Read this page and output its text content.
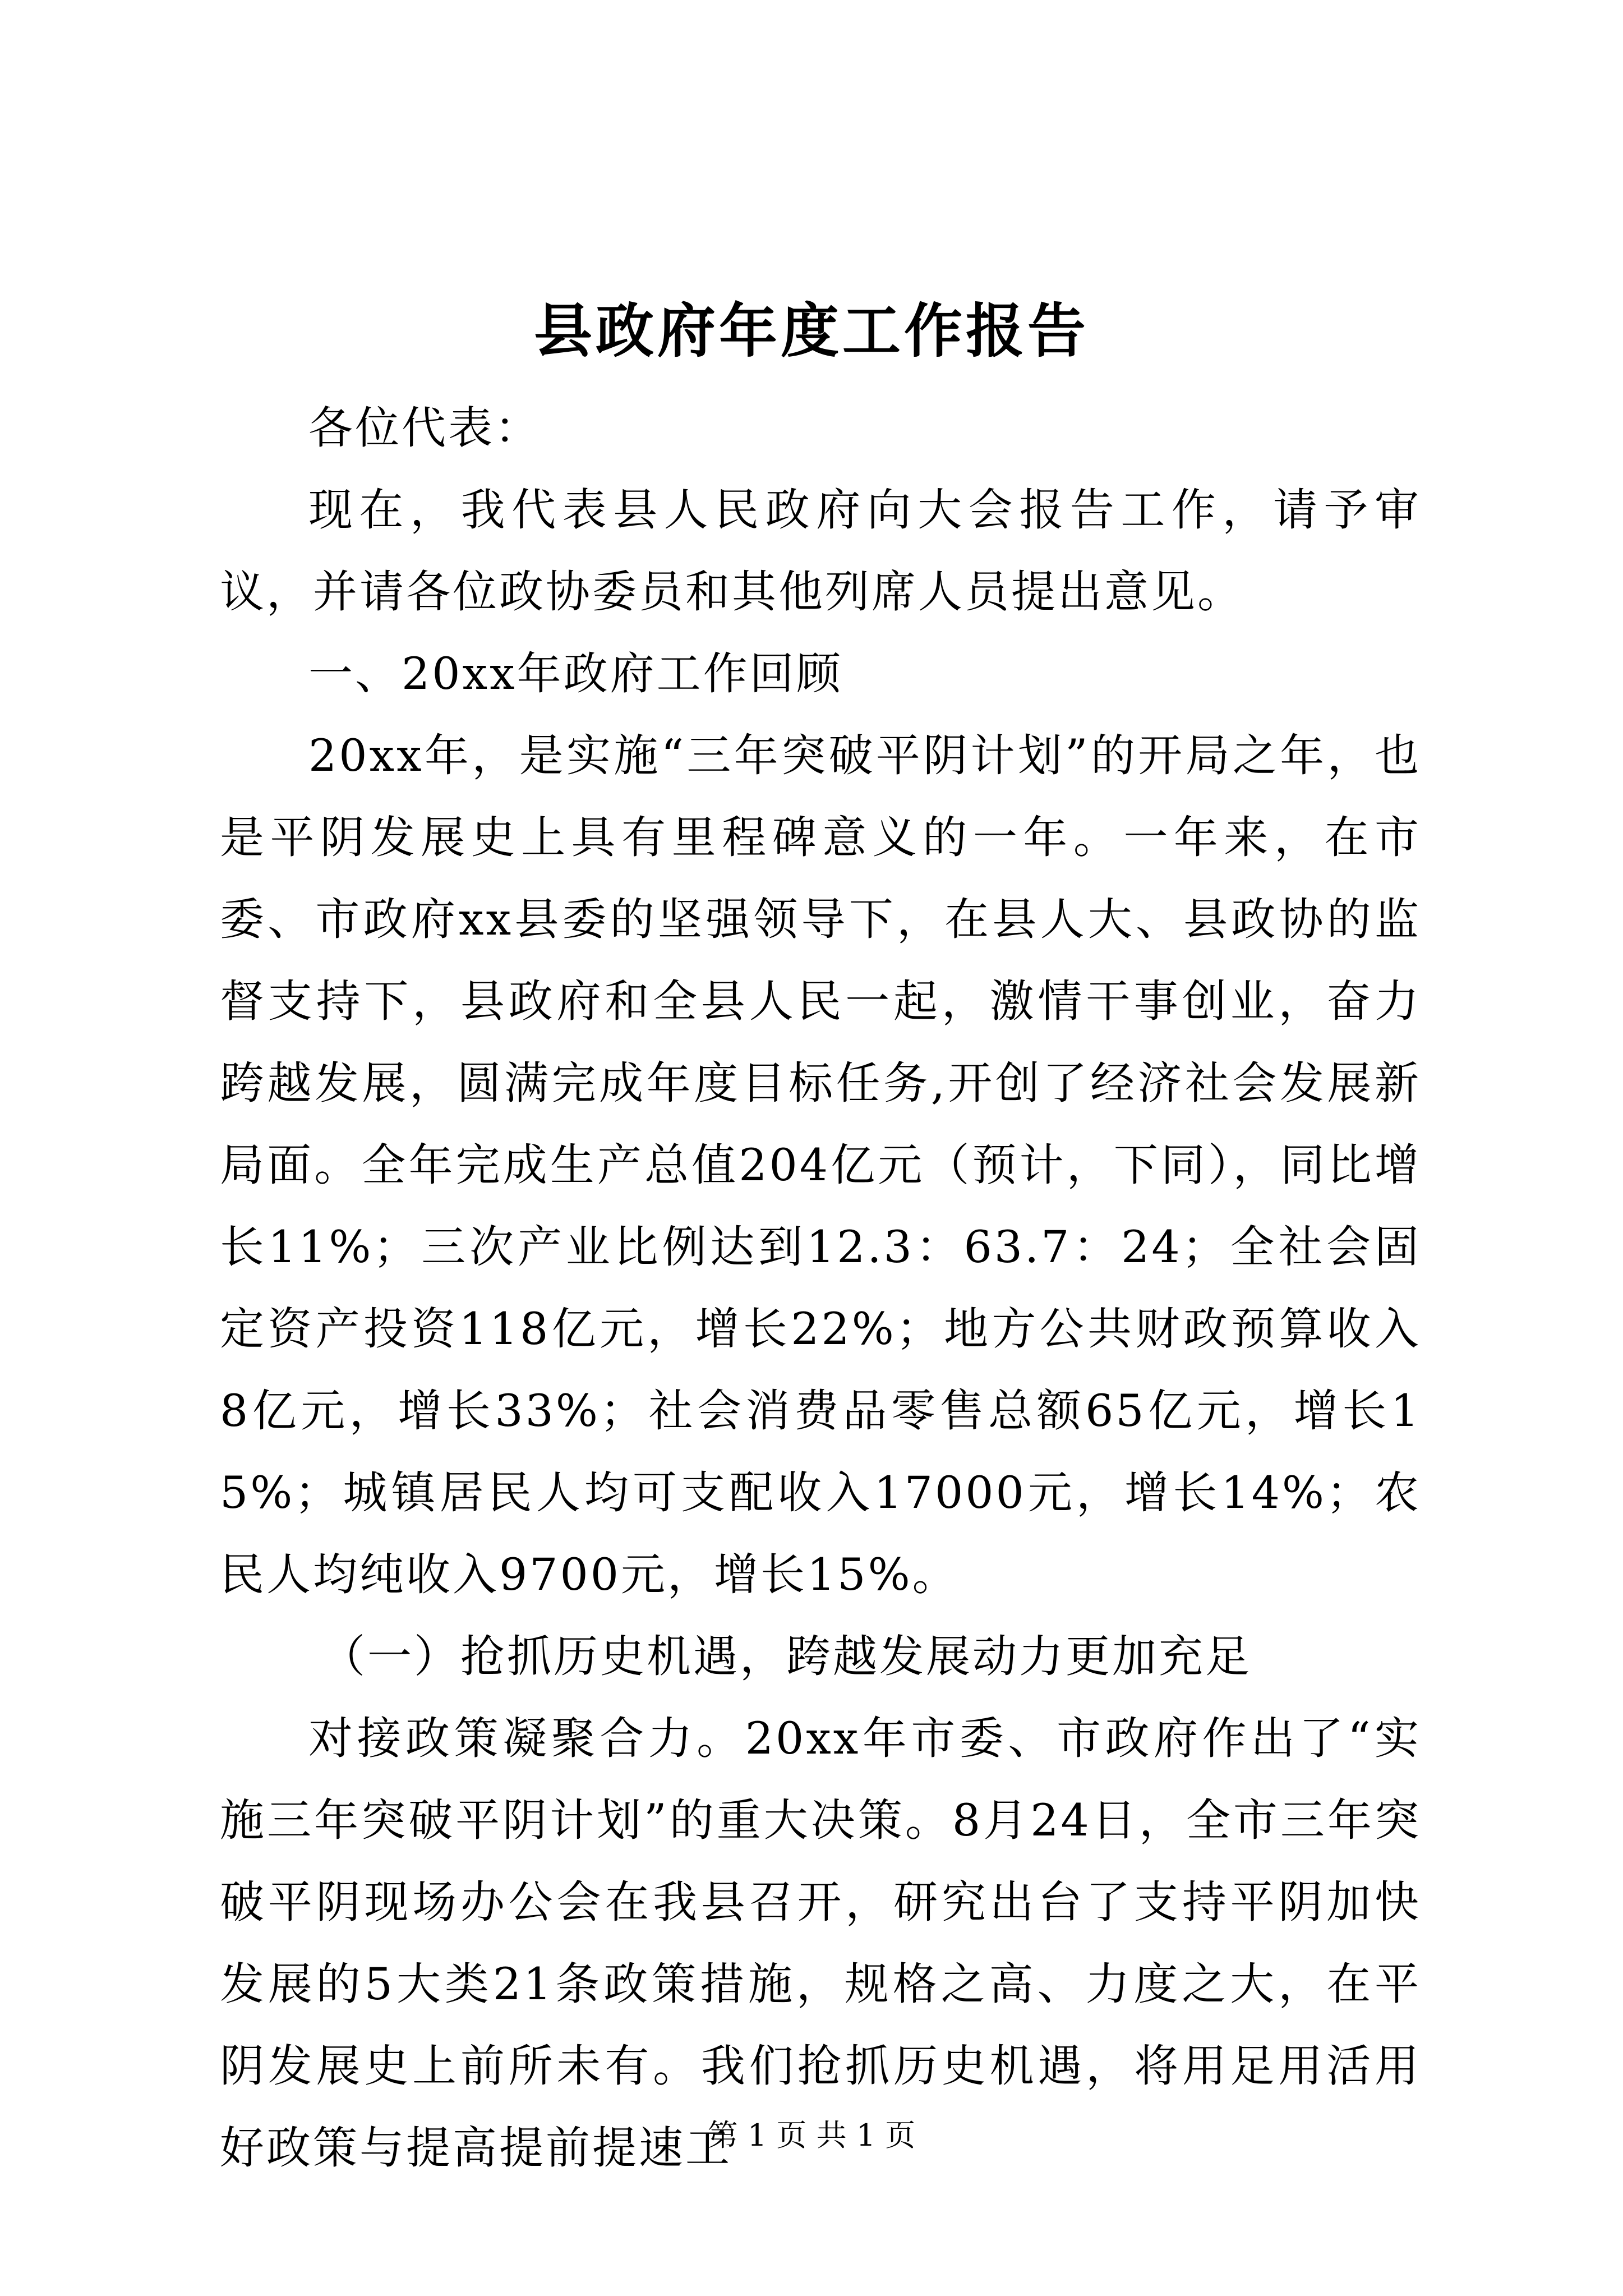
县政府年度工作报告

各位代表：

现在，我代表县人民政府向大会报告工作，请予审议，并请各位政协委员和其他列席人员提出意见。

一、20xx年政府工作回顾

20xx年，是实施“三年突破平阴计划”的开局之年，也是平阴发展史上具有里程碑意义的一年。一年来，在市委、市政府xx县委的坚强领导下，在县人大、县政协的监督支持下，县政府和全县人民一起，激情干事创业，奋力跨越发展，圆满完成年度目标任务,开创了经济社会发展新局面。全年完成生产总值204亿元（预计，下同），同比增长11%；三次产业比例达到12.3：63.7：24；全社会固定资产投资118亿元，增长22%；地方公共财政预算收入8亿元，增长33%；社会消费品零售总额65亿元，增长15%；城镇居民人均可支配收入17000元，增长14%；农民人均纯收入9700元，增长15%。

（一）抢抓历史机遇，跨越发展动力更加充足

对接政策凝聚合力。20xx年市委、市政府作出了“实施三年突破平阴计划”的重大决策。8月24日，全市三年突破平阴现场办公会在我县召开，研究出台了支持平阴加快发展的5大类21条政策措施，规格之高、力度之大，在平阴发展史上前所未有。我们抢抓历史机遇，将用足用活用好政策与提高提前提速工

第 1 页 共 1 页
